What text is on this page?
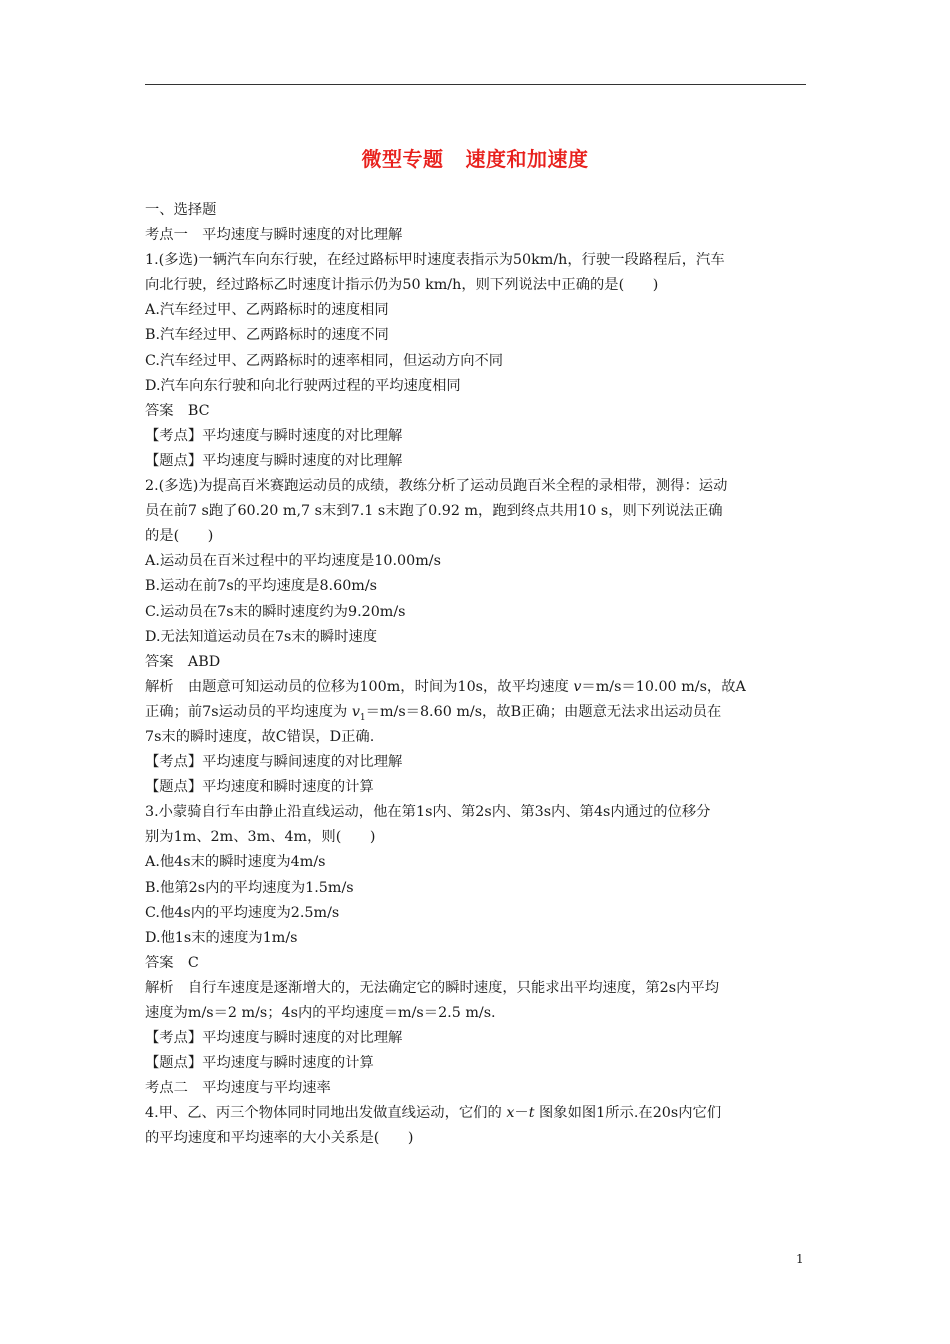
微型专题 速度和加速度
一、选择题
考点一　平均速度与瞬时速度的对比理解
1.(多选)一辆汽车向东行驶，在经过路标甲时速度表指示为50km/h，行驶一段路程后，汽车
向北行驶，经过路标乙时速度计指示仍为50 km/h，则下列说法中正确的是(　　)
A.汽车经过甲、乙两路标时的速度相同
B.汽车经过甲、乙两路标时的速度不同
C.汽车经过甲、乙两路标时的速率相同，但运动方向不同
D.汽车向东行驶和向北行驶两过程的平均速度相同
答案　BC
【考点】平均速度与瞬时速度的对比理解
【题点】平均速度与瞬时速度的对比理解
2.(多选)为提高百米赛跑运动员的成绩，教练分析了运动员跑百米全程的录相带，测得：运动
员在前7 s跑了60.20 m,7 s末到7.1 s末跑了0.92 m，跑到终点共用10 s，则下列说法正确
的是(　　)
A.运动员在百米过程中的平均速度是10.00m/s
B.运动在前7s的平均速度是8.60m/s
C.运动员在7s末的瞬时速度约为9.20m/s
D.无法知道运动员在7s末的瞬时速度
答案　ABD
解析　由题意可知运动员的位移为100m，时间为10s，故平均速度 v＝m/s＝10.00 m/s，故A
正确；前7s运动员的平均速度为 $v_1=m/s=8.60$ m/s，故B正确；由题意无法求出运动员在
7s末的瞬时速度，故C错误，D正确.
【考点】平均速度与瞬间速度的对比理解
【题点】平均速度和瞬时速度的计算
3.小蒙骑自行车由静止沿直线运动，他在第1s内、第2s内、第3s内、第4s内通过的位移分
别为1m、2m、3m、4m，则(　　)
A.他4s末的瞬时速度为4m/s
B.他第2s内的平均速度为1.5m/s
C.他4s内的平均速度为2.5m/s
D.他1s末的速度为1m/s
答案　C
解析　自行车速度是逐渐增大的，无法确定它的瞬时速度，只能求出平均速度，第2s内平均
速度为m/s＝2 m/s；4s内的平均速度＝m/s＝2.5 m/s.
【考点】平均速度与瞬时速度的对比理解
【题点】平均速度与瞬时速度的计算
考点二　平均速度与平均速率
4.甲、乙、丙三个物体同时同地出发做直线运动，它们的 x－t 图象如图1所示.在20s内它们
的平均速度和平均速率的大小关系是(　　)
1
